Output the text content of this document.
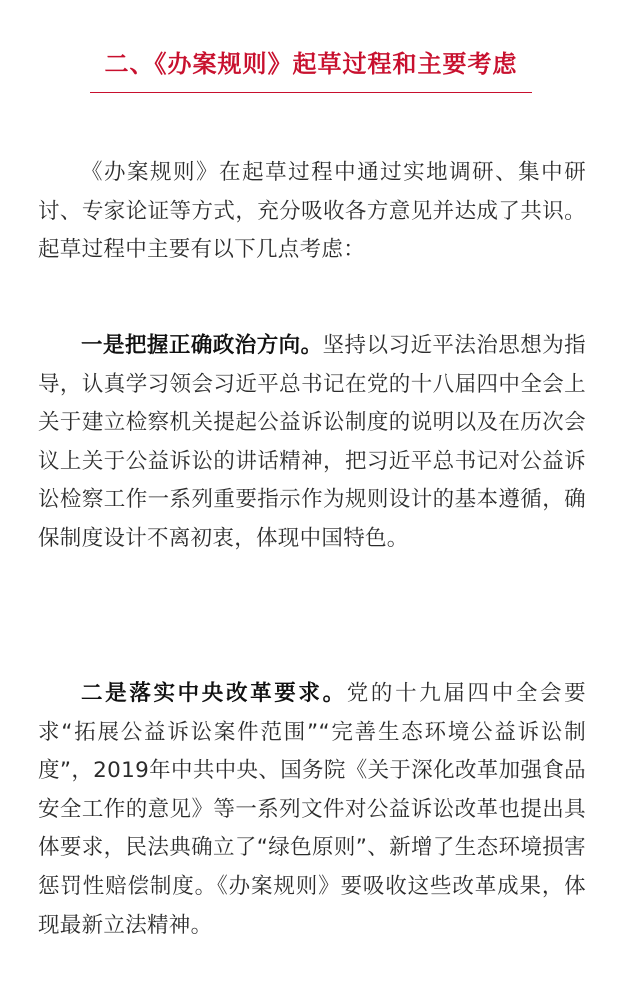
二、《办案规则》起草过程和主要考虑

《办案规则》在起草过程中通过实地调研、集中研讨、专家论证等方式，充分吸收各方意见并达成了共识。起草过程中主要有以下几点考虑：

一是把握正确政治方向。坚持以习近平法治思想为指导，认真学习领会习近平总书记在党的十八届四中全会上关于建立检察机关提起公益诉讼制度的说明以及在历次会议上关于公益诉讼的讲话精神，把习近平总书记对公益诉讼检察工作一系列重要指示作为规则设计的基本遵循，确保制度设计不离初衷，体现中国特色。

二是落实中央改革要求。党的十九届四中全会要求“拓展公益诉讼案件范围”“完善生态环境公益诉讼制度”，2019年中共中央、国务院《关于深化改革加强食品安全工作的意见》等一系列文件对公益诉讼改革也提出具体要求，民法典确立了“绿色原则”、新增了生态环境损害惩罚性赔偿制度。《办案规则》要吸收这些改革成果，体现最新立法精神。
